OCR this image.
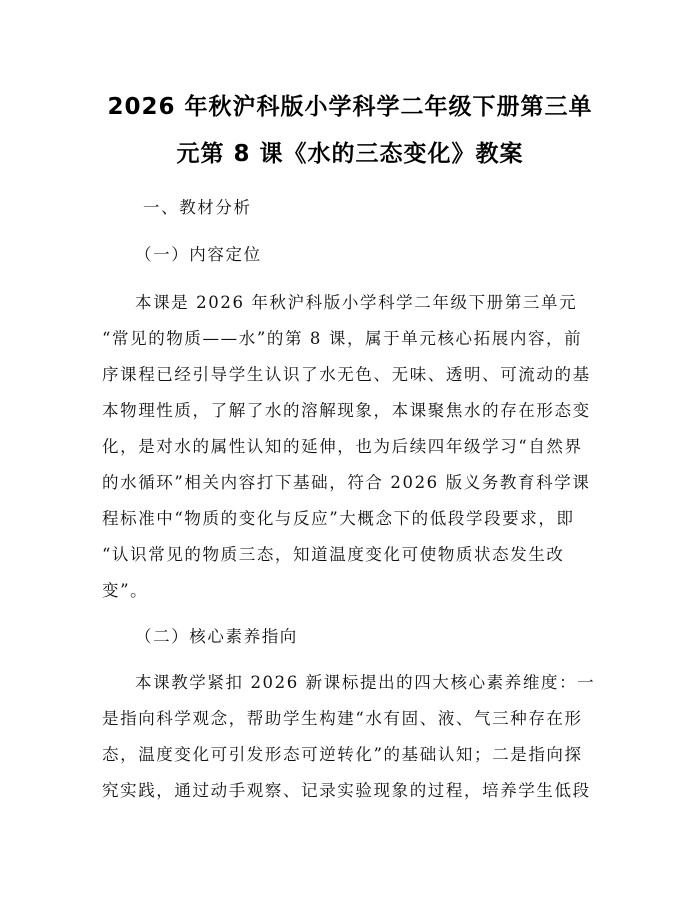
2026 年秋沪科版小学科学二年级下册第三单
元第 8 课《水的三态变化》教案
一、教材分析
（一）内容定位
本课是 2026 年秋沪科版小学科学二年级下册第三单元
“常见的物质——水”的第 8 课，属于单元核心拓展内容，前
序课程已经引导学生认识了水无色、无味、透明、可流动的基
本物理性质，了解了水的溶解现象，本课聚焦水的存在形态变
化，是对水的属性认知的延伸，也为后续四年级学习“自然界
的水循环”相关内容打下基础，符合 2026 版义务教育科学课
程标准中“物质的变化与反应”大概念下的低段学段要求，即
“认识常见的物质三态，知道温度变化可使物质状态发生改
变”。
（二）核心素养指向
本课教学紧扣 2026 新课标提出的四大核心素养维度：一
是指向科学观念，帮助学生构建“水有固、液、气三种存在形
态，温度变化可引发形态可逆转化”的基础认知；二是指向探
究实践，通过动手观察、记录实验现象的过程，培养学生低段
